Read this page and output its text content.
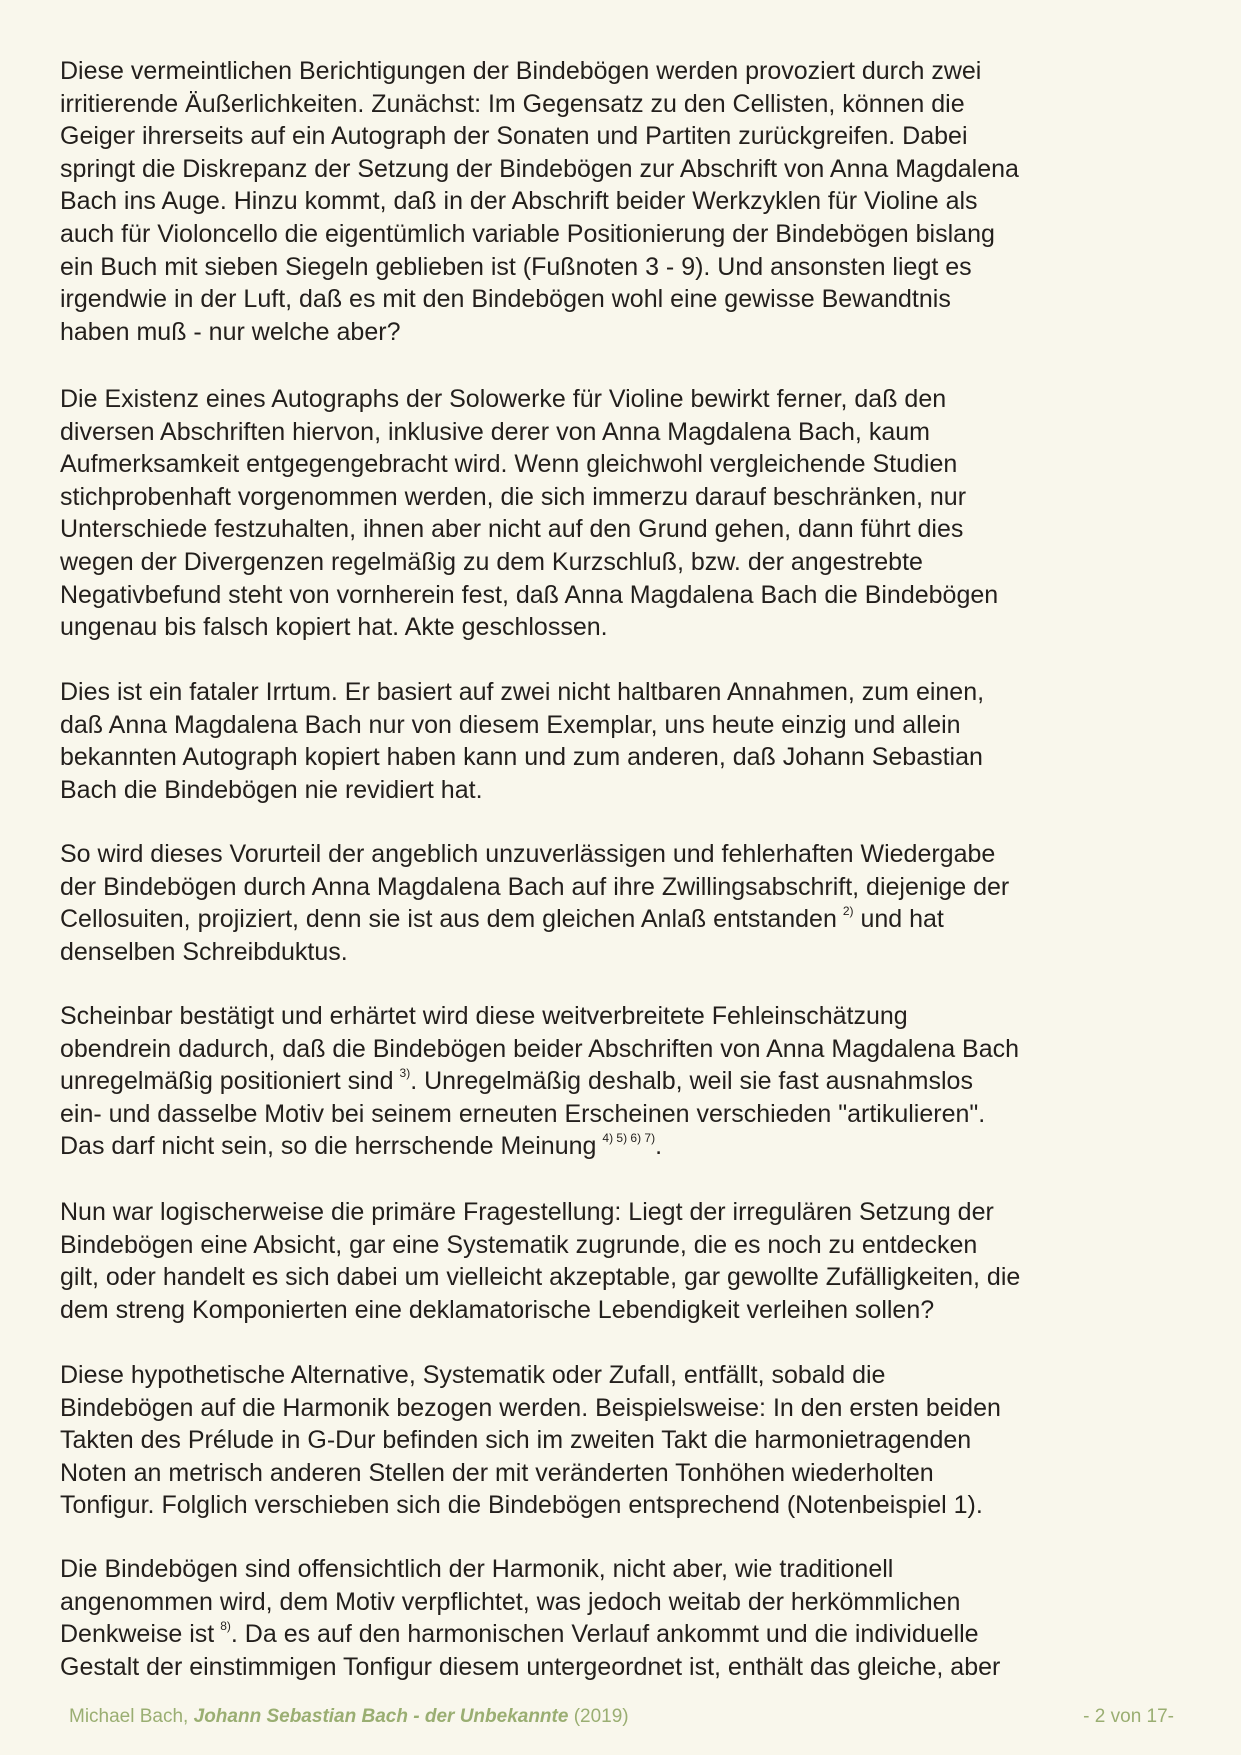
Diese vermeintlichen Berichtigungen der Bindebögen werden provoziert durch zwei
irritierende Äußerlichkeiten. Zunächst: Im Gegensatz zu den Cellisten, können die
Geiger ihrerseits auf ein Autograph der Sonaten und Partiten zurückgreifen. Dabei
springt die Diskrepanz der Setzung der Bindebögen zur Abschrift von Anna Magdalena
Bach ins Auge. Hinzu kommt, daß in der Abschrift beider Werkzyklen für Violine als
auch für Violoncello die eigentümlich variable Positionierung der Bindebögen bislang
ein Buch mit sieben Siegeln geblieben ist (Fußnoten 3 - 9). Und ansonsten liegt es
irgendwie in der Luft, daß es mit den Bindebögen wohl eine gewisse Bewandtnis
haben muß - nur welche aber?

Die Existenz eines Autographs der Solowerke für Violine bewirkt ferner, daß den
diversen Abschriften hiervon, inklusive derer von Anna Magdalena Bach, kaum
Aufmerksamkeit entgegengebracht wird. Wenn gleichwohl vergleichende Studien
stichprobenhaft vorgenommen werden, die sich immerzu darauf beschränken, nur
Unterschiede festzuhalten, ihnen aber nicht auf den Grund gehen, dann führt dies
wegen der Divergenzen regelmäßig zu dem Kurzschluß, bzw. der angestrebte
Negativbefund steht von vornherein fest, daß Anna Magdalena Bach die Bindebögen
ungenau bis falsch kopiert hat. Akte geschlossen.

Dies ist ein fataler Irrtum. Er basiert auf zwei nicht haltbaren Annahmen, zum einen,
daß Anna Magdalena Bach nur von diesem Exemplar, uns heute einzig und allein
bekannten Autograph kopiert haben kann und zum anderen, daß Johann Sebastian
Bach die Bindebögen nie revidiert hat.

So wird dieses Vorurteil der angeblich unzuverlässigen und fehlerhaften Wiedergabe
der Bindebögen durch Anna Magdalena Bach auf ihre Zwillingsabschrift, diejenige der
Cellosuiten, projiziert, denn sie ist aus dem gleichen Anlaß entstanden $^{2)}$ und hat
denselben Schreibduktus.

Scheinbar bestätigt und erhärtet wird diese weitverbreitete Fehleinschätzung
obendrein dadurch, daß die Bindebögen beider Abschriften von Anna Magdalena Bach
unregelmäßig positioniert sind $^{3)}$. Unregelmäßig deshalb, weil sie fast ausnahmslos
ein- und dasselbe Motiv bei seinem erneuten Erscheinen verschieden "artikulieren".
Das darf nicht sein, so die herrschende Meinung $^{4) 5) 6) 7)}$.

Nun war logischerweise die primäre Fragestellung: Liegt der irregulären Setzung der
Bindebögen eine Absicht, gar eine Systematik zugrunde, die es noch zu entdecken
gilt, oder handelt es sich dabei um vielleicht akzeptable, gar gewollte Zufälligkeiten, die
dem streng Komponierten eine deklamatorische Lebendigkeit verleihen sollen?

Diese hypothetische Alternative, Systematik oder Zufall, entfällt, sobald die
Bindebögen auf die Harmonik bezogen werden. Beispielsweise: In den ersten beiden
Takten des Prélude in G-Dur befinden sich im zweiten Takt die harmonietragenden
Noten an metrisch anderen Stellen der mit veränderten Tonhöhen wiederholten
Tonfigur. Folglich verschieben sich die Bindebögen entsprechend (Notenbeispiel 1).

Die Bindebögen sind offensichtlich der Harmonik, nicht aber, wie traditionell
angenommen wird, dem Motiv verpflichtet, was jedoch weitab der herkömmlichen
Denkweise ist $^{8)}$. Da es auf den harmonischen Verlauf ankommt und die individuelle
Gestalt der einstimmigen Tonfigur diesem untergeordnet ist, enthält das gleiche, aber

Michael Bach, Johann Sebastian Bach - der Unbekannte (2019)	- 2 von 17-
